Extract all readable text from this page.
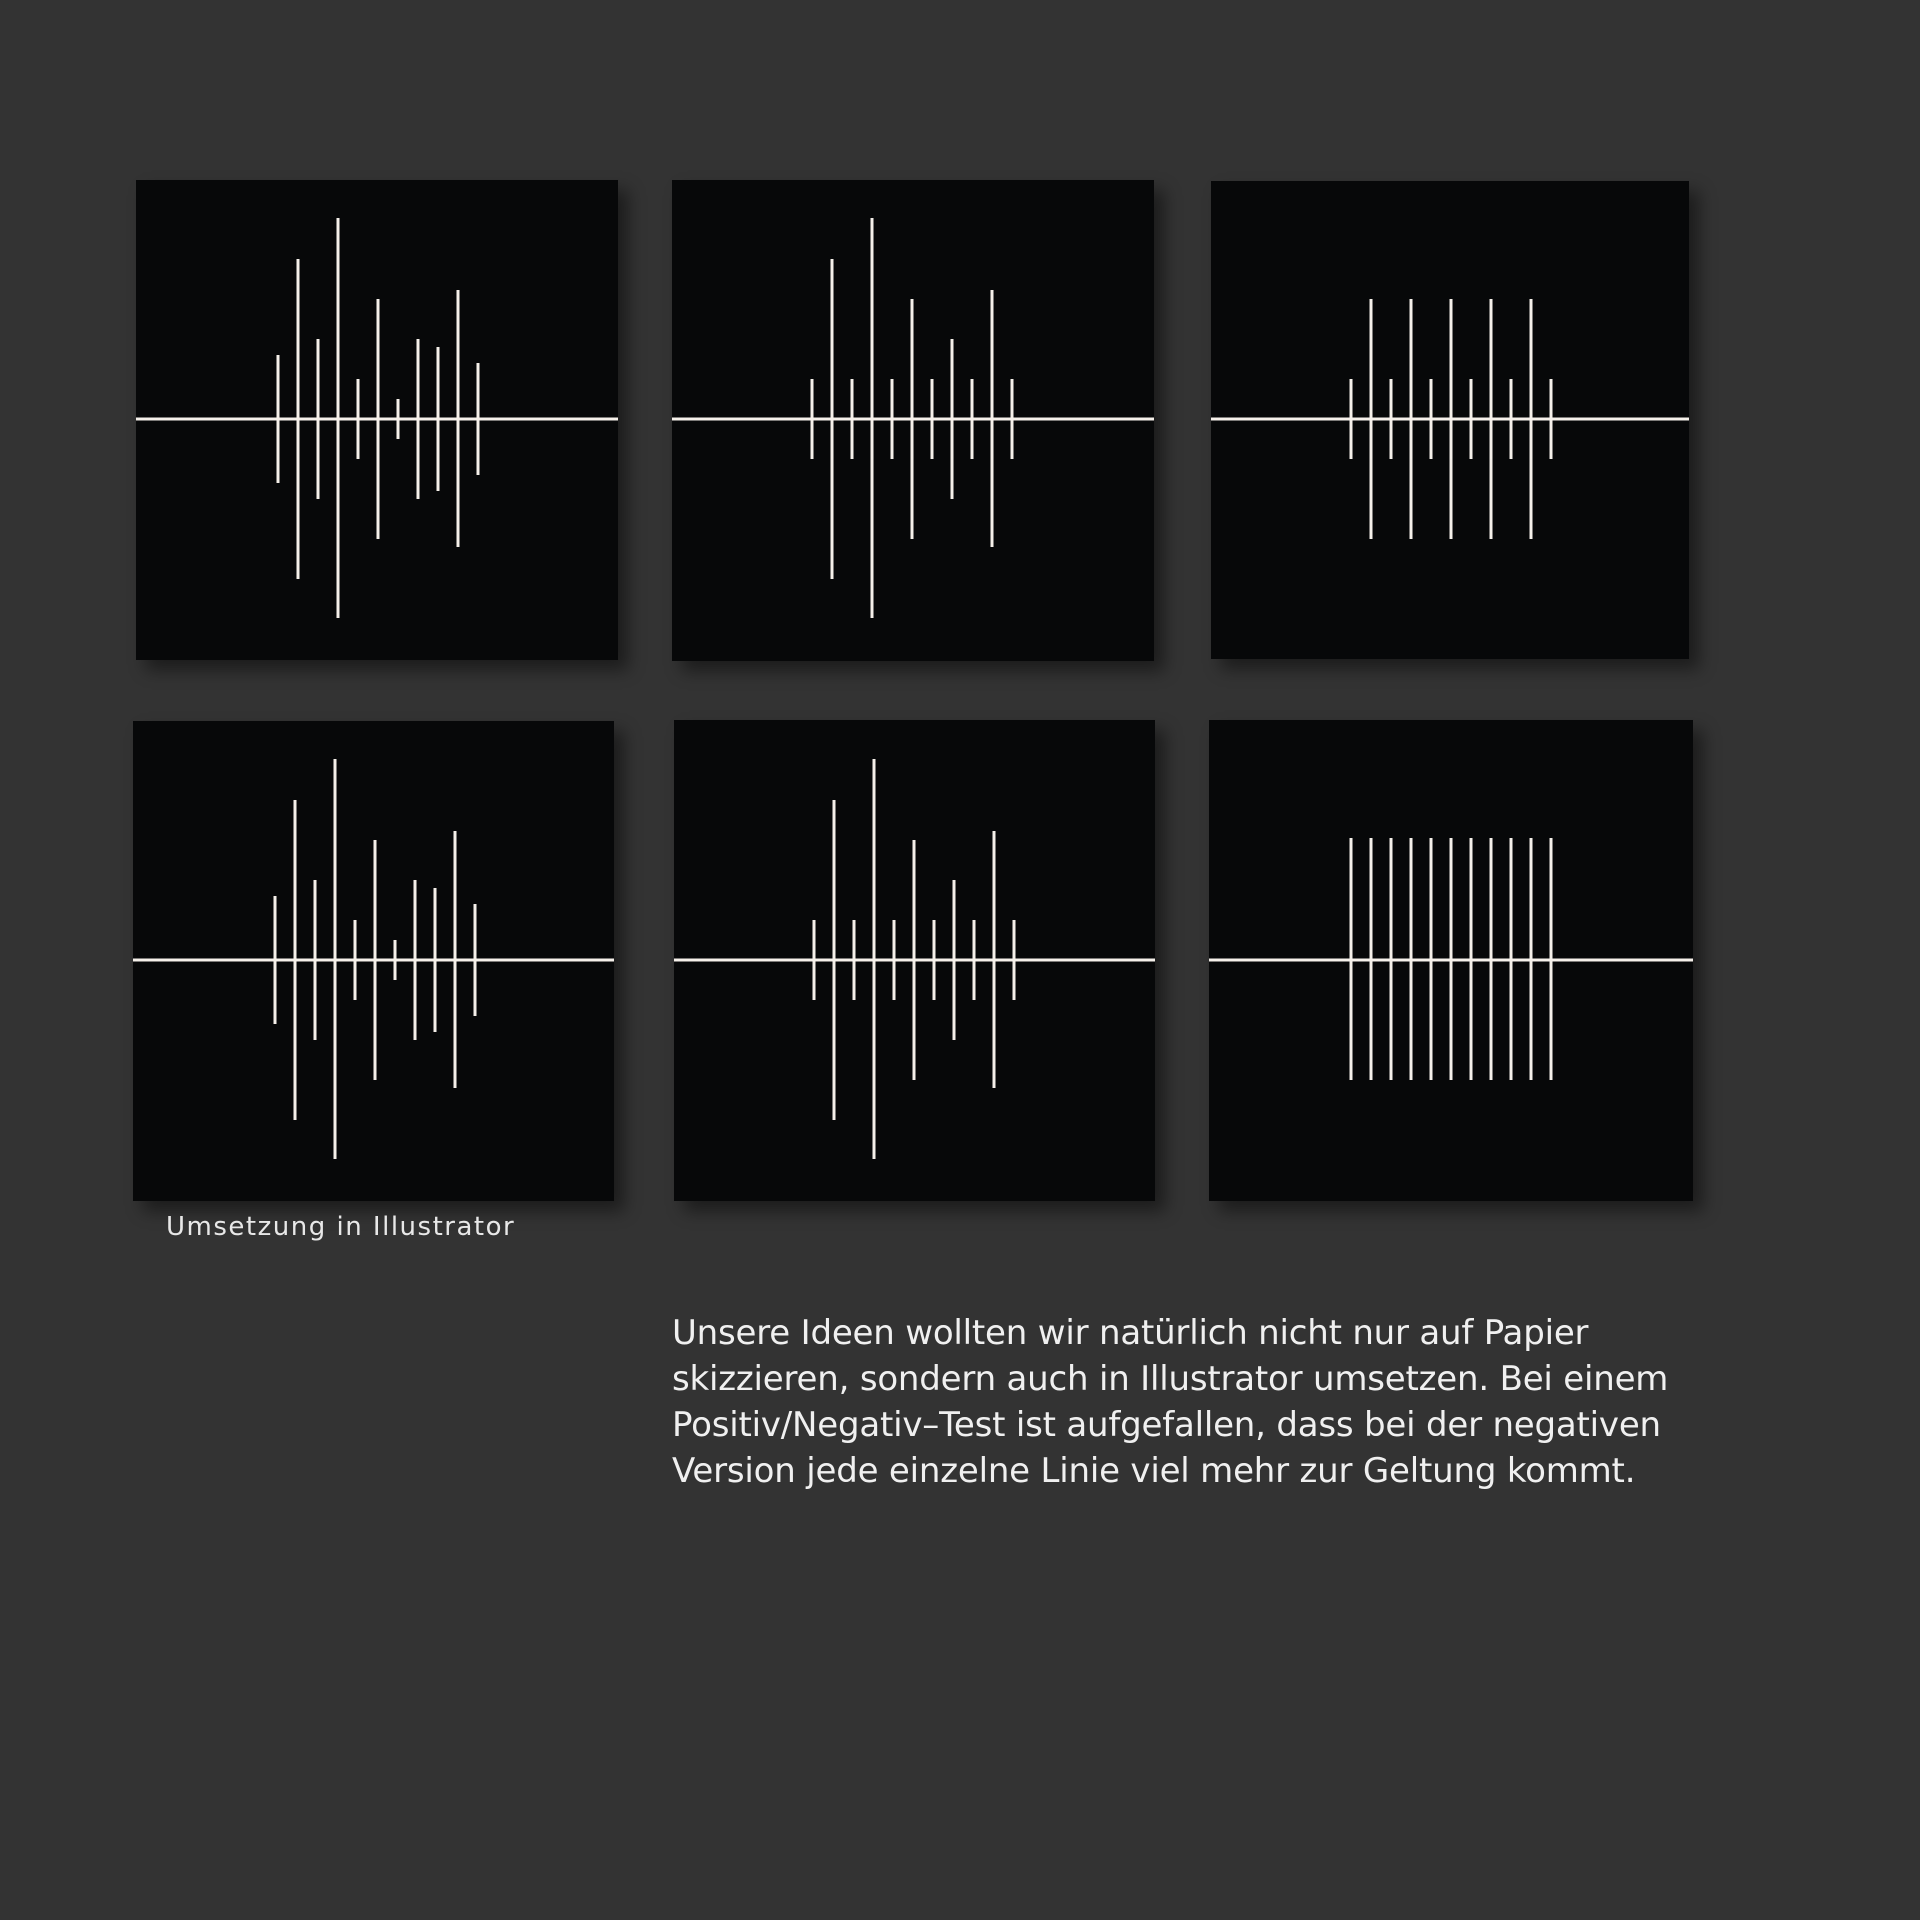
Umsetzung in Illustrator

Unsere Ideen wollten wir natürlich nicht nur auf Papier
skizzieren, sondern auch in Illustrator umsetzen. Bei einem
Positiv/Negativ–Test ist aufgefallen, dass bei der negativen
Version jede einzelne Linie viel mehr zur Geltung kommt.
